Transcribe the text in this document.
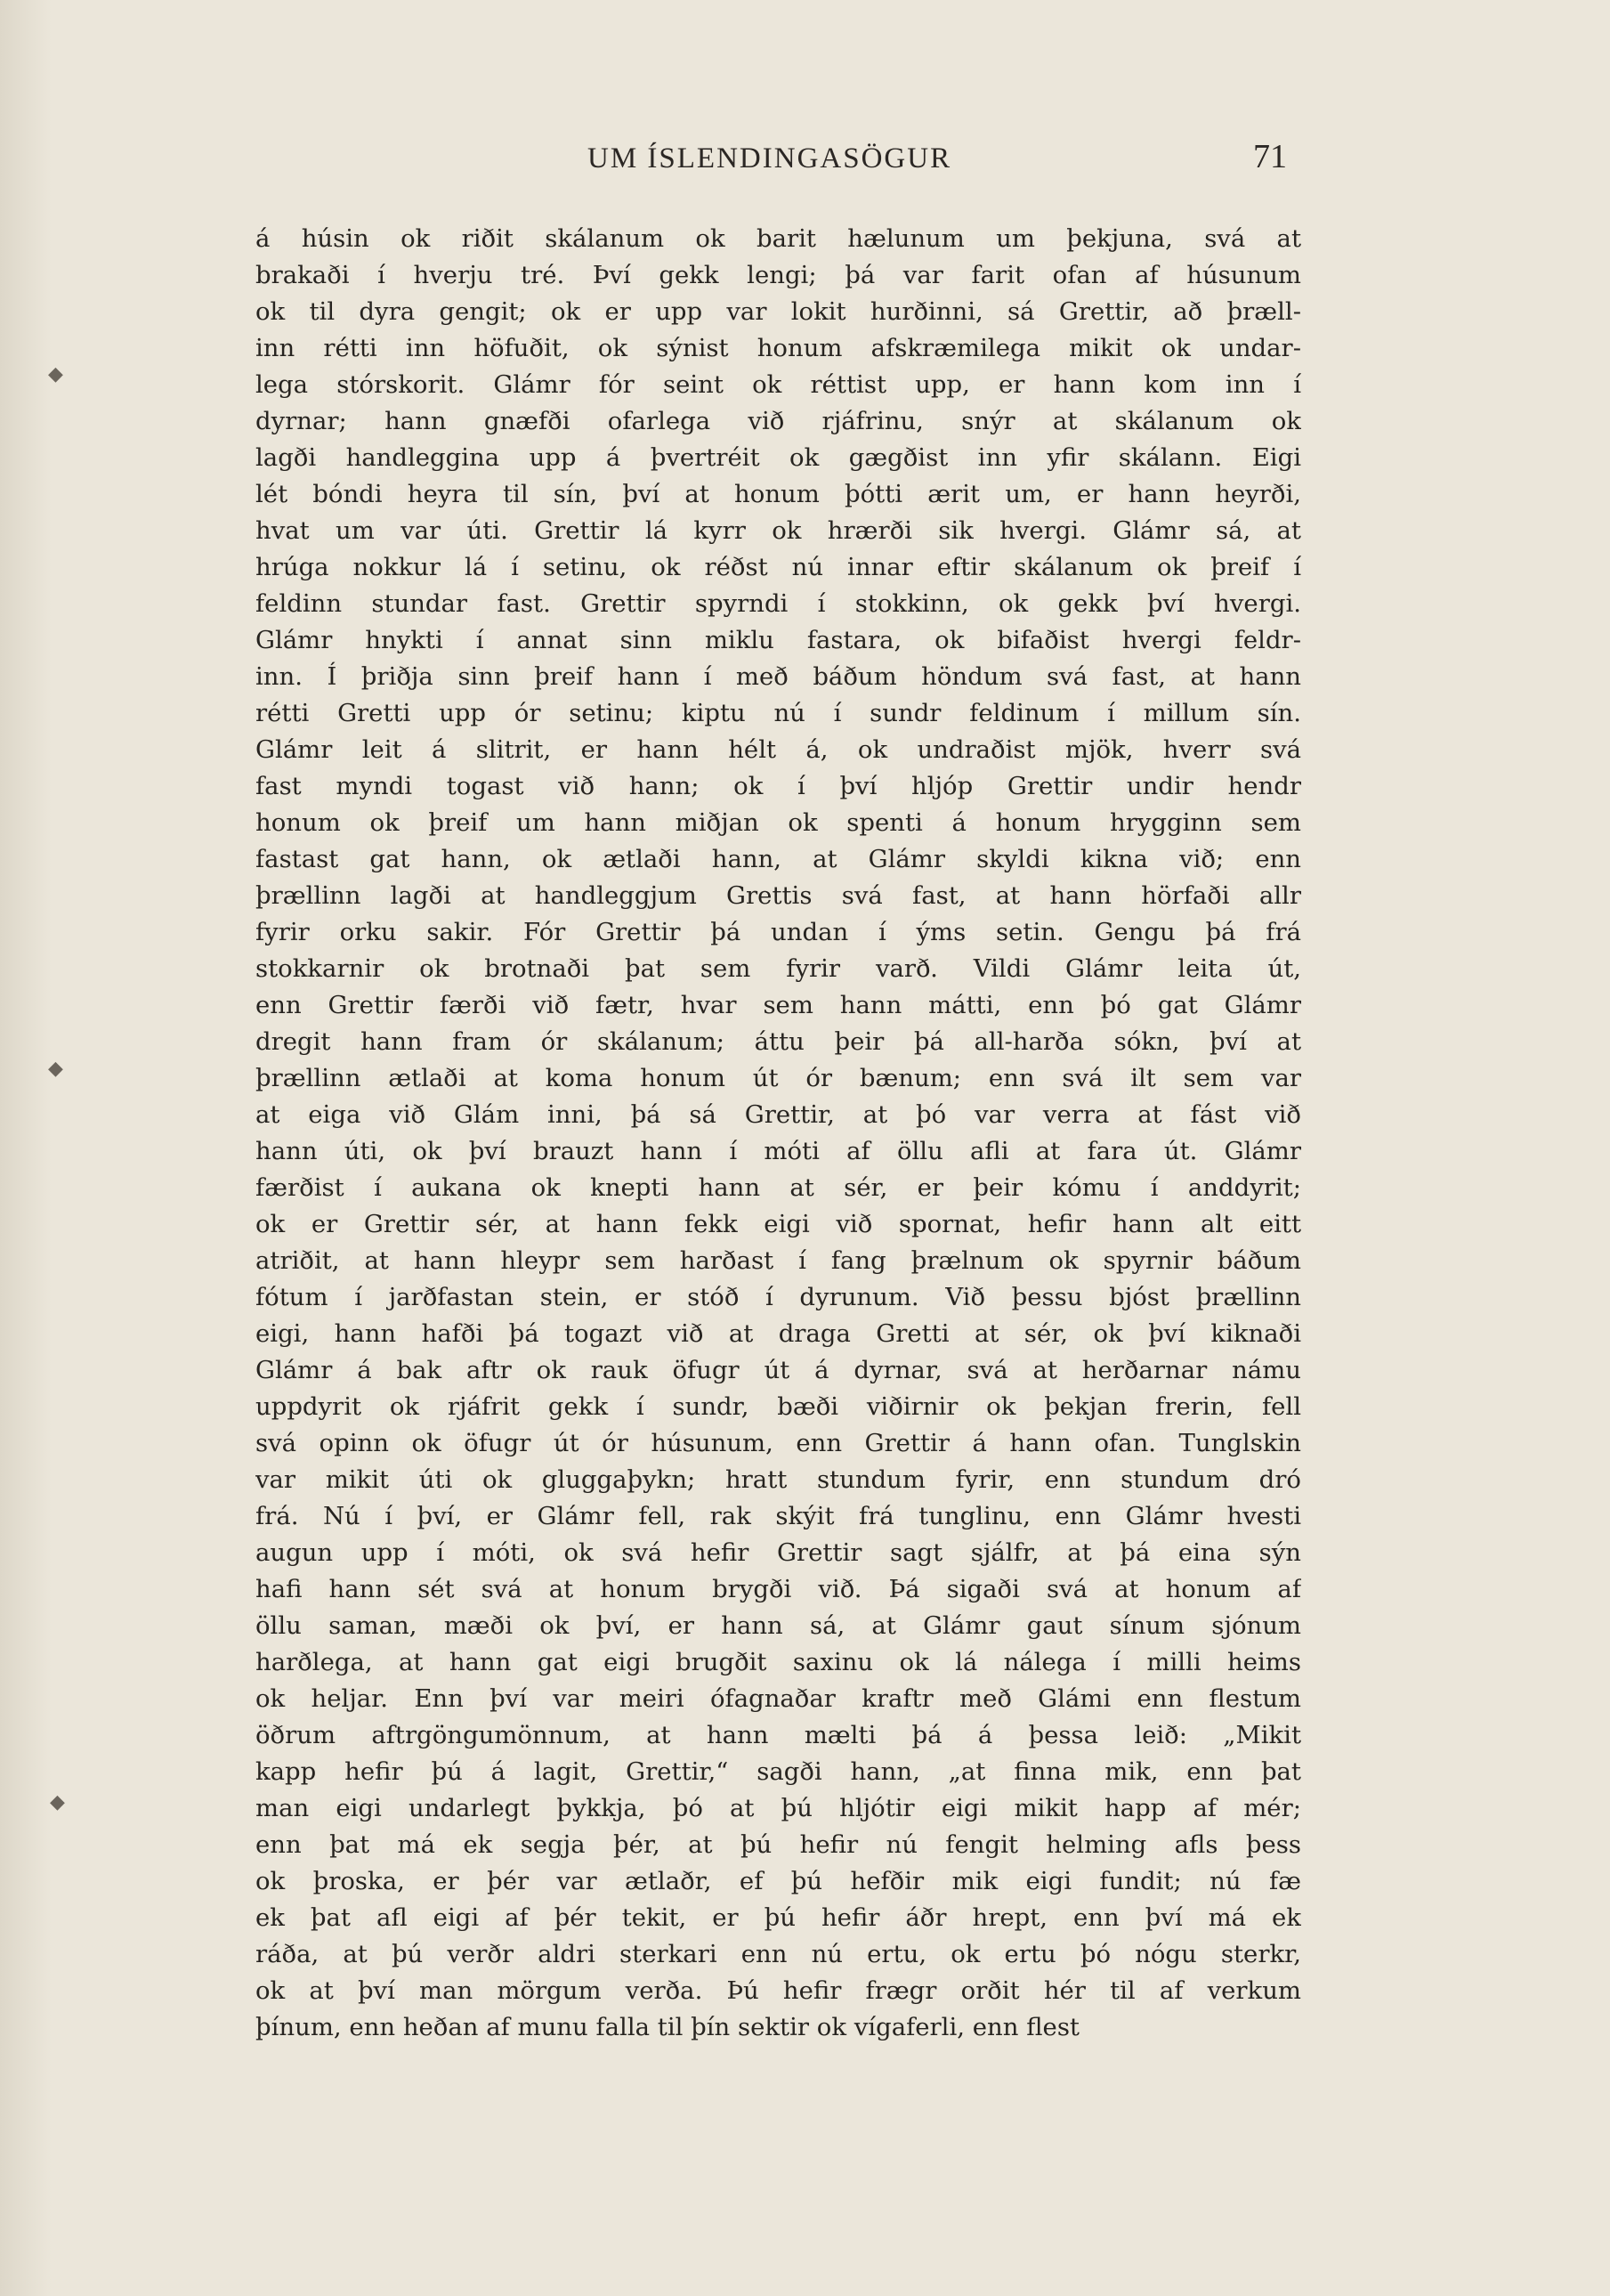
◆
◆
◆
UM ÍSLENDINGASÖGUR	71
á húsin ok riðit skálanum ok barit hælunum um þekjuna, svá at
brakaði í hverju tré. Því gekk lengi; þá var farit ofan af húsunum
ok til dyra gengit; ok er upp var lokit hurðinni, sá Grettir, að þræll-
inn rétti inn höfuðit, ok sýnist honum afskræmilega mikit ok undar-
lega stórskorit. Glámr fór seint ok réttist upp, er hann kom inn í
dyrnar; hann gnæfði ofarlega við rjáfrinu, snýr at skálanum ok
lagði handleggina upp á þvertréit ok gægðist inn yfir skálann. Eigi
lét bóndi heyra til sín, því at honum þótti ærit um, er hann heyrði,
hvat um var úti. Grettir lá kyrr ok hrærði sik hvergi. Glámr sá, at
hrúga nokkur lá í setinu, ok réðst nú innar eftir skálanum ok þreif í
feldinn stundar fast. Grettir spyrndi í stokkinn, ok gekk því hvergi.
Glámr hnykti í annat sinn miklu fastara, ok bifaðist hvergi feldr-
inn. Í þriðja sinn þreif hann í með báðum höndum svá fast, at hann
rétti Gretti upp ór setinu; kiptu nú í sundr feldinum í millum sín.
Glámr leit á slitrit, er hann hélt á, ok undraðist mjök, hverr svá
fast myndi togast við hann; ok í því hljóp Grettir undir hendr
honum ok þreif um hann miðjan ok spenti á honum hrygginn sem
fastast gat hann, ok ætlaði hann, at Glámr skyldi kikna við; enn
þrællinn lagði at handleggjum Grettis svá fast, at hann hörfaði allr
fyrir orku sakir. Fór Grettir þá undan í ýms setin. Gengu þá frá
stokkarnir ok brotnaði þat sem fyrir varð. Vildi Glámr leita út,
enn Grettir færði við fætr, hvar sem hann mátti, enn þó gat Glámr
dregit hann fram ór skálanum; áttu þeir þá all-harða sókn, því at
þrællinn ætlaði at koma honum út ór bænum; enn svá ilt sem var
at eiga við Glám inni, þá sá Grettir, at þó var verra at fást við
hann úti, ok því brauzt hann í móti af öllu afli at fara út. Glámr
færðist í aukana ok knepti hann at sér, er þeir kómu í anddyrit;
ok er Grettir sér, at hann fekk eigi við spornat, hefir hann alt eitt
atriðit, at hann hleypr sem harðast í fang þrælnum ok spyrnir báðum
fótum í jarðfastan stein, er stóð í dyrunum. Við þessu bjóst þrællinn
eigi, hann hafði þá togazt við at draga Gretti at sér, ok því kiknaði
Glámr á bak aftr ok rauk öfugr út á dyrnar, svá at herðarnar námu
uppdyrit ok rjáfrit gekk í sundr, bæði viðirnir ok þekjan frerin, fell
svá opinn ok öfugr út ór húsunum, enn Grettir á hann ofan. Tunglskin
var mikit úti ok gluggaþykn; hratt stundum fyrir, enn stundum dró
frá. Nú í því, er Glámr fell, rak skýit frá tunglinu, enn Glámr hvesti
augun upp í móti, ok svá hefir Grettir sagt sjálfr, at þá eina sýn
hafi hann sét svá at honum brygði við. Þá sigaði svá at honum af
öllu saman, mæði ok því, er hann sá, at Glámr gaut sínum sjónum
harðlega, at hann gat eigi brugðit saxinu ok lá nálega í milli heims
ok heljar. Enn því var meiri ófagnaðar kraftr með Glámi enn flestum
öðrum aftrgöngumönnum, at hann mælti þá á þessa leið: „Mikit
kapp hefir þú á lagit, Grettir,“ sagði hann, „at finna mik, enn þat
man eigi undarlegt þykkja, þó at þú hljótir eigi mikit happ af mér;
enn þat má ek segja þér, at þú hefir nú fengit helming afls þess
ok þroska, er þér var ætlaðr, ef þú hefðir mik eigi fundit; nú fæ
ek þat afl eigi af þér tekit, er þú hefir áðr hrept, enn því má ek
ráða, at þú verðr aldri sterkari enn nú ertu, ok ertu þó nógu sterkr,
ok at því man mörgum verða. Þú hefir frægr orðit hér til af verkum
þínum, enn heðan af munu falla til þín sektir ok vígaferli, enn flest
